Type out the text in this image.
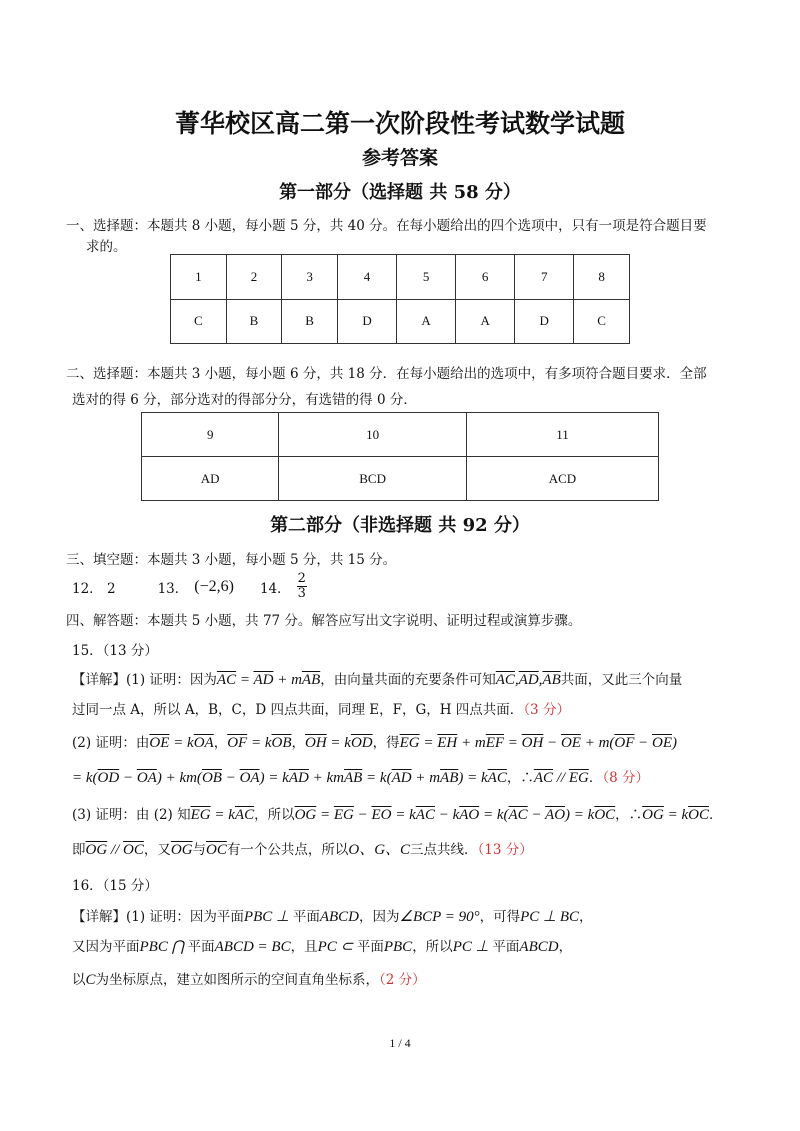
菁华校区高二第一次阶段性考试数学试题
参考答案
第一部分（选择题 共 58 分）
一、选择题：本题共 8 小题，每小题 5 分，共 40 分。在每小题给出的四个选项中，只有一项是符合题目要
求的。
1	2	3	4	5	6	7	8
C	B	B	D	A	A	D	C
二、选择题：本题共 3 小题，每小题 6 分，共 18 分．在每小题给出的选项中，有多项符合题目要求．全部
选对的得 6 分，部分选对的得部分分，有选错的得 0 分．
9	10	11
AD	BCD	ACD
第二部分（非选择题 共 92 分）
三、填空题：本题共 3 小题，每小题 5 分，共 15 分。
12． 2	13． (−2,6) 14． $\frac{2}{3}$
四、解答题：本题共 5 小题，共 77 分。解答应写出文字说明、证明过程或演算步骤。
15．（13 分）
【详解】(1) 证明：因为$\overline{AC} = \overline{AD} + m\overline{AB}$，由向量共面的充要条件可知$\overline{AC},\overline{AD},\overline{AB}$共面，又此三个向量
过同一点 A，所以 A，B，C，D 四点共面，同理 E，F，G，H 四点共面．（3 分）
(2) 证明：由$\overline{OE} = k\overline{OA}$，$\overline{OF} = k\overline{OB}$，$\overline{OH} = k\overline{OD}$，得$\overline{EG} = \overline{EH} + m\overline{EF} = \overline{OH} - \overline{OE} + m(\overline{OF} - \overline{OE})$
= $k(\overline{OD} - \overline{OA}) + km(\overline{OB} - \overline{OA}) = k\overline{AD} + km\overline{AB} = k(\overline{AD} + m\overline{AB}) = k\overline{AC}$，$\therefore\overline{AC} // \overline{EG}$．（8 分）
(3) 证明：由 (2) 知$\overline{EG} = k\overline{AC}$，所以$\overline{OG} = \overline{EG} - \overline{EO} = k\overline{AC} - k\overline{AO} = k(\overline{AC} - \overline{AO}) = k\overline{OC}$，$\therefore\overline{OG} = k\overline{OC}$．
即$\overline{OG} // \overline{OC}$，又$\overline{OG}$与$\overline{OC}$有一个公共点，所以O、G、C三点共线．（13 分）
16．（15 分）
【详解】(1) 证明：因为平面PBC ⊥ 平面ABCD，因为∠BCP = 90°，可得PC ⊥ BC，
又因为平面PBC ⋂ 平面ABCD = BC，且PC ⊂ 平面PBC，所以PC ⊥ 平面ABCD，
以C为坐标原点，建立如图所示的空间直角坐标系，（2 分）
1 / 4
